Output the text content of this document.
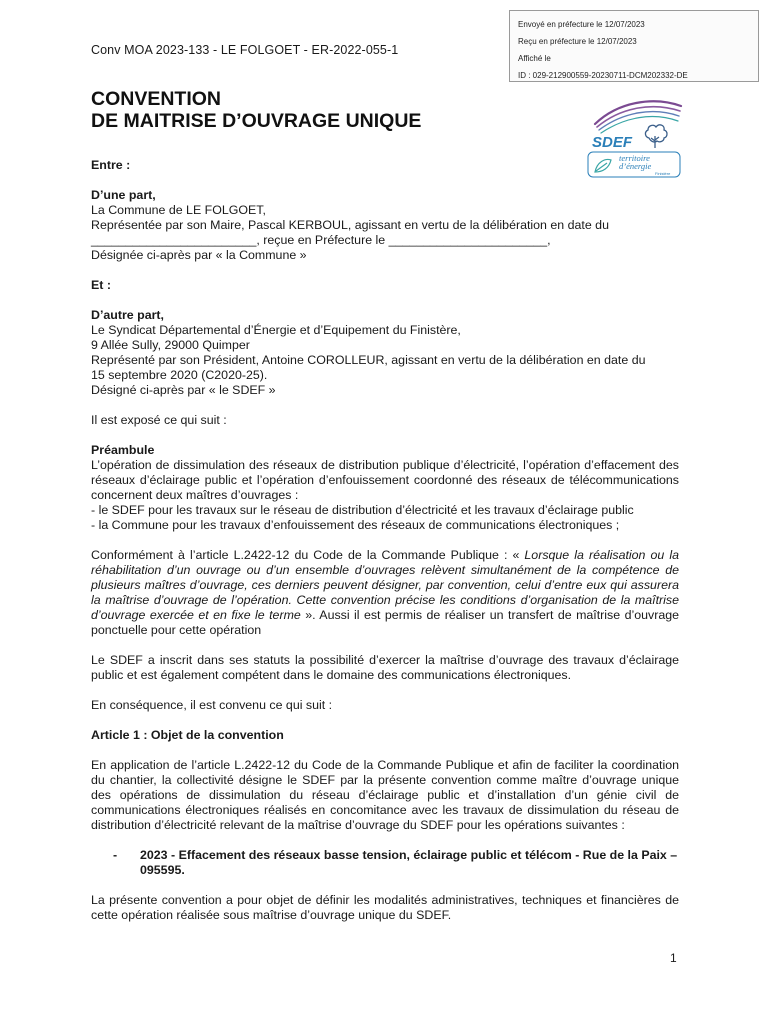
Envoyé en préfecture le 12/07/2023
Reçu en préfecture le 12/07/2023
Affiché le
ID : 029-212900559-20230711-DCM202332-DE
Conv MOA 2023-133 - LE FOLGOET - ER-2022-055-1
CONVENTION
DE MAITRISE D’OUVRAGE UNIQUE
SDEF
territoire
d’énergie
Finistère

Entre :

D’une part,

La Commune de LE FOLGOET,

Représentée par son Maire, Pascal KERBOUL, agissant en vertu de la délibération en date du

________________________, reçue en Préfecture le _______________________,

Désignée ci-après par « la Commune »

Et :

D’autre part,

Le Syndicat Départemental d’Énergie et d’Equipement du Finistère,

9 Allée Sully, 29000 Quimper

Représenté par son Président, Antoine COROLLEUR, agissant en vertu de la délibération en date du

15 septembre 2020 (C2020-25).

Désigné ci-après par « le SDEF »

Il est exposé ce qui suit :

Préambule

L’opération de dissimulation des réseaux de distribution publique d’électricité, l’opération d’effacement des réseaux d’éclairage public et l’opération d’enfouissement coordonné des réseaux de télécommunications concernent deux maîtres d’ouvrages :

- le SDEF pour les travaux sur le réseau de distribution d’électricité et les travaux d’éclairage public

- la Commune pour les travaux d’enfouissement des réseaux de communications électroniques ;

Conformément à l’article L.2422-12 du Code de la Commande Publique : « Lorsque la réalisation ou la réhabilitation d’un ouvrage ou d’un ensemble d’ouvrages relèvent simultanément de la compétence de plusieurs maîtres d’ouvrage, ces derniers peuvent désigner, par convention, celui d’entre eux qui assurera la maîtrise d’ouvrage de l’opération. Cette convention précise les conditions d’organisation de la maîtrise d’ouvrage exercée et en fixe le terme ». Aussi il est permis de réaliser un transfert de maîtrise d’ouvrage ponctuelle pour cette opération

Le SDEF a inscrit dans ses statuts la possibilité d’exercer la maîtrise d’ouvrage des travaux d’éclairage public et est également compétent dans le domaine des communications électroniques.

En conséquence, il est convenu ce qui suit :

Article 1 : Objet de la convention

En application de l’article L.2422-12 du Code de la Commande Publique et afin de faciliter la coordination du chantier, la collectivité désigne le SDEF par la présente convention comme maître d’ouvrage unique des opérations de dissimulation du réseau d’éclairage public et d’installation d’un génie civil de communications électroniques réalisés en concomitance avec les travaux de dissimulation du réseau de distribution d’électricité relevant de la maîtrise d’ouvrage du SDEF pour les opérations suivantes :

-	2023 - Effacement des réseaux basse tension, éclairage public et télécom - Rue de la Paix – 095595.

La présente convention a pour objet de définir les modalités administratives, techniques et financières de cette opération réalisée sous maîtrise d’ouvrage unique du SDEF.

1
